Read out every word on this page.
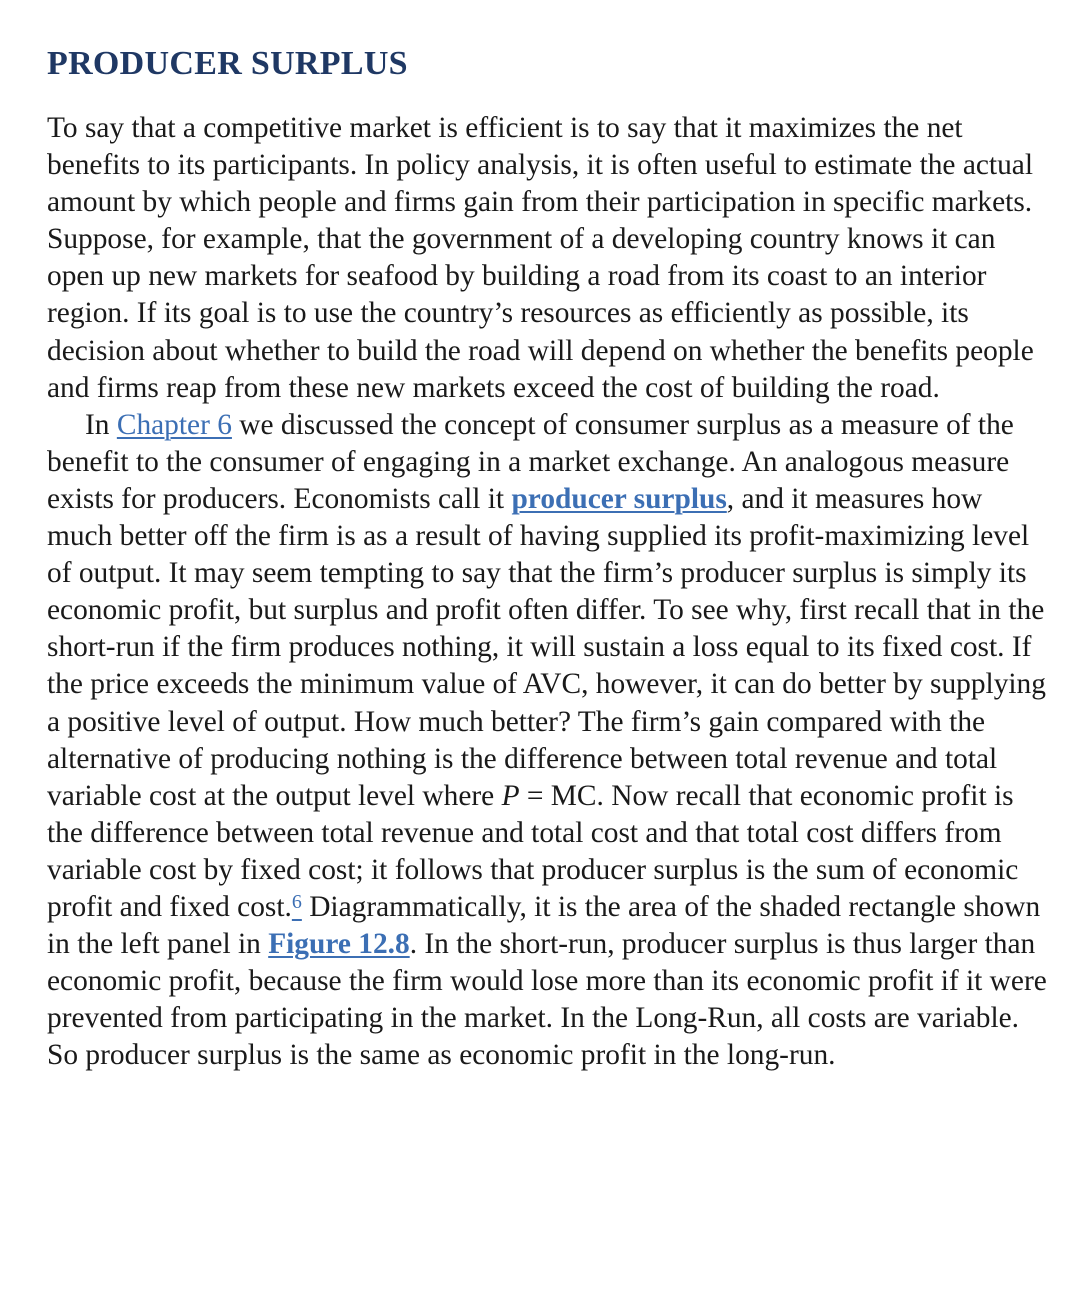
PRODUCER SURPLUS

To say that a competitive market is efficient is to say that it maximizes the net benefits to its participants. In policy analysis, it is often useful to estimate the actual amount by which people and firms gain from their participation in specific markets. Suppose, for example, that the government of a developing country knows it can open up new markets for seafood by building a road from its coast to an interior region. If its goal is to use the country’s resources as efficiently as possible, its decision about whether to build the road will depend on whether the benefits people and firms reap from these new markets exceed the cost of building the road.

In Chapter 6 we discussed the concept of consumer surplus as a measure of the benefit to the consumer of engaging in a market exchange. An analogous measure exists for producers. Economists call it producer surplus, and it measures how much better off the firm is as a result of having supplied its profit-maximizing level of output. It may seem tempting to say that the firm’s producer surplus is simply its economic profit, but surplus and profit often differ. To see why, first recall that in the short-run if the firm produces nothing, it will sustain a loss equal to its fixed cost. If the price exceeds the minimum value of AVC, however, it can do better by supplying a positive level of output. How much better? The firm’s gain compared with the alternative of producing nothing is the difference between total revenue and total variable cost at the output level where P = MC. Now recall that economic profit is the difference between total revenue and total cost and that total cost differs from variable cost by fixed cost; it follows that producer surplus is the sum of economic profit and fixed cost.$^6$ Diagrammatically, it is the area of the shaded rectangle shown in the left panel in Figure 12.8. In the short-run, producer surplus is thus larger than economic profit, because the firm would lose more than its economic profit if it were prevented from participating in the market. In the Long-Run, all costs are variable. So producer surplus is the same as economic profit in the long-run.
